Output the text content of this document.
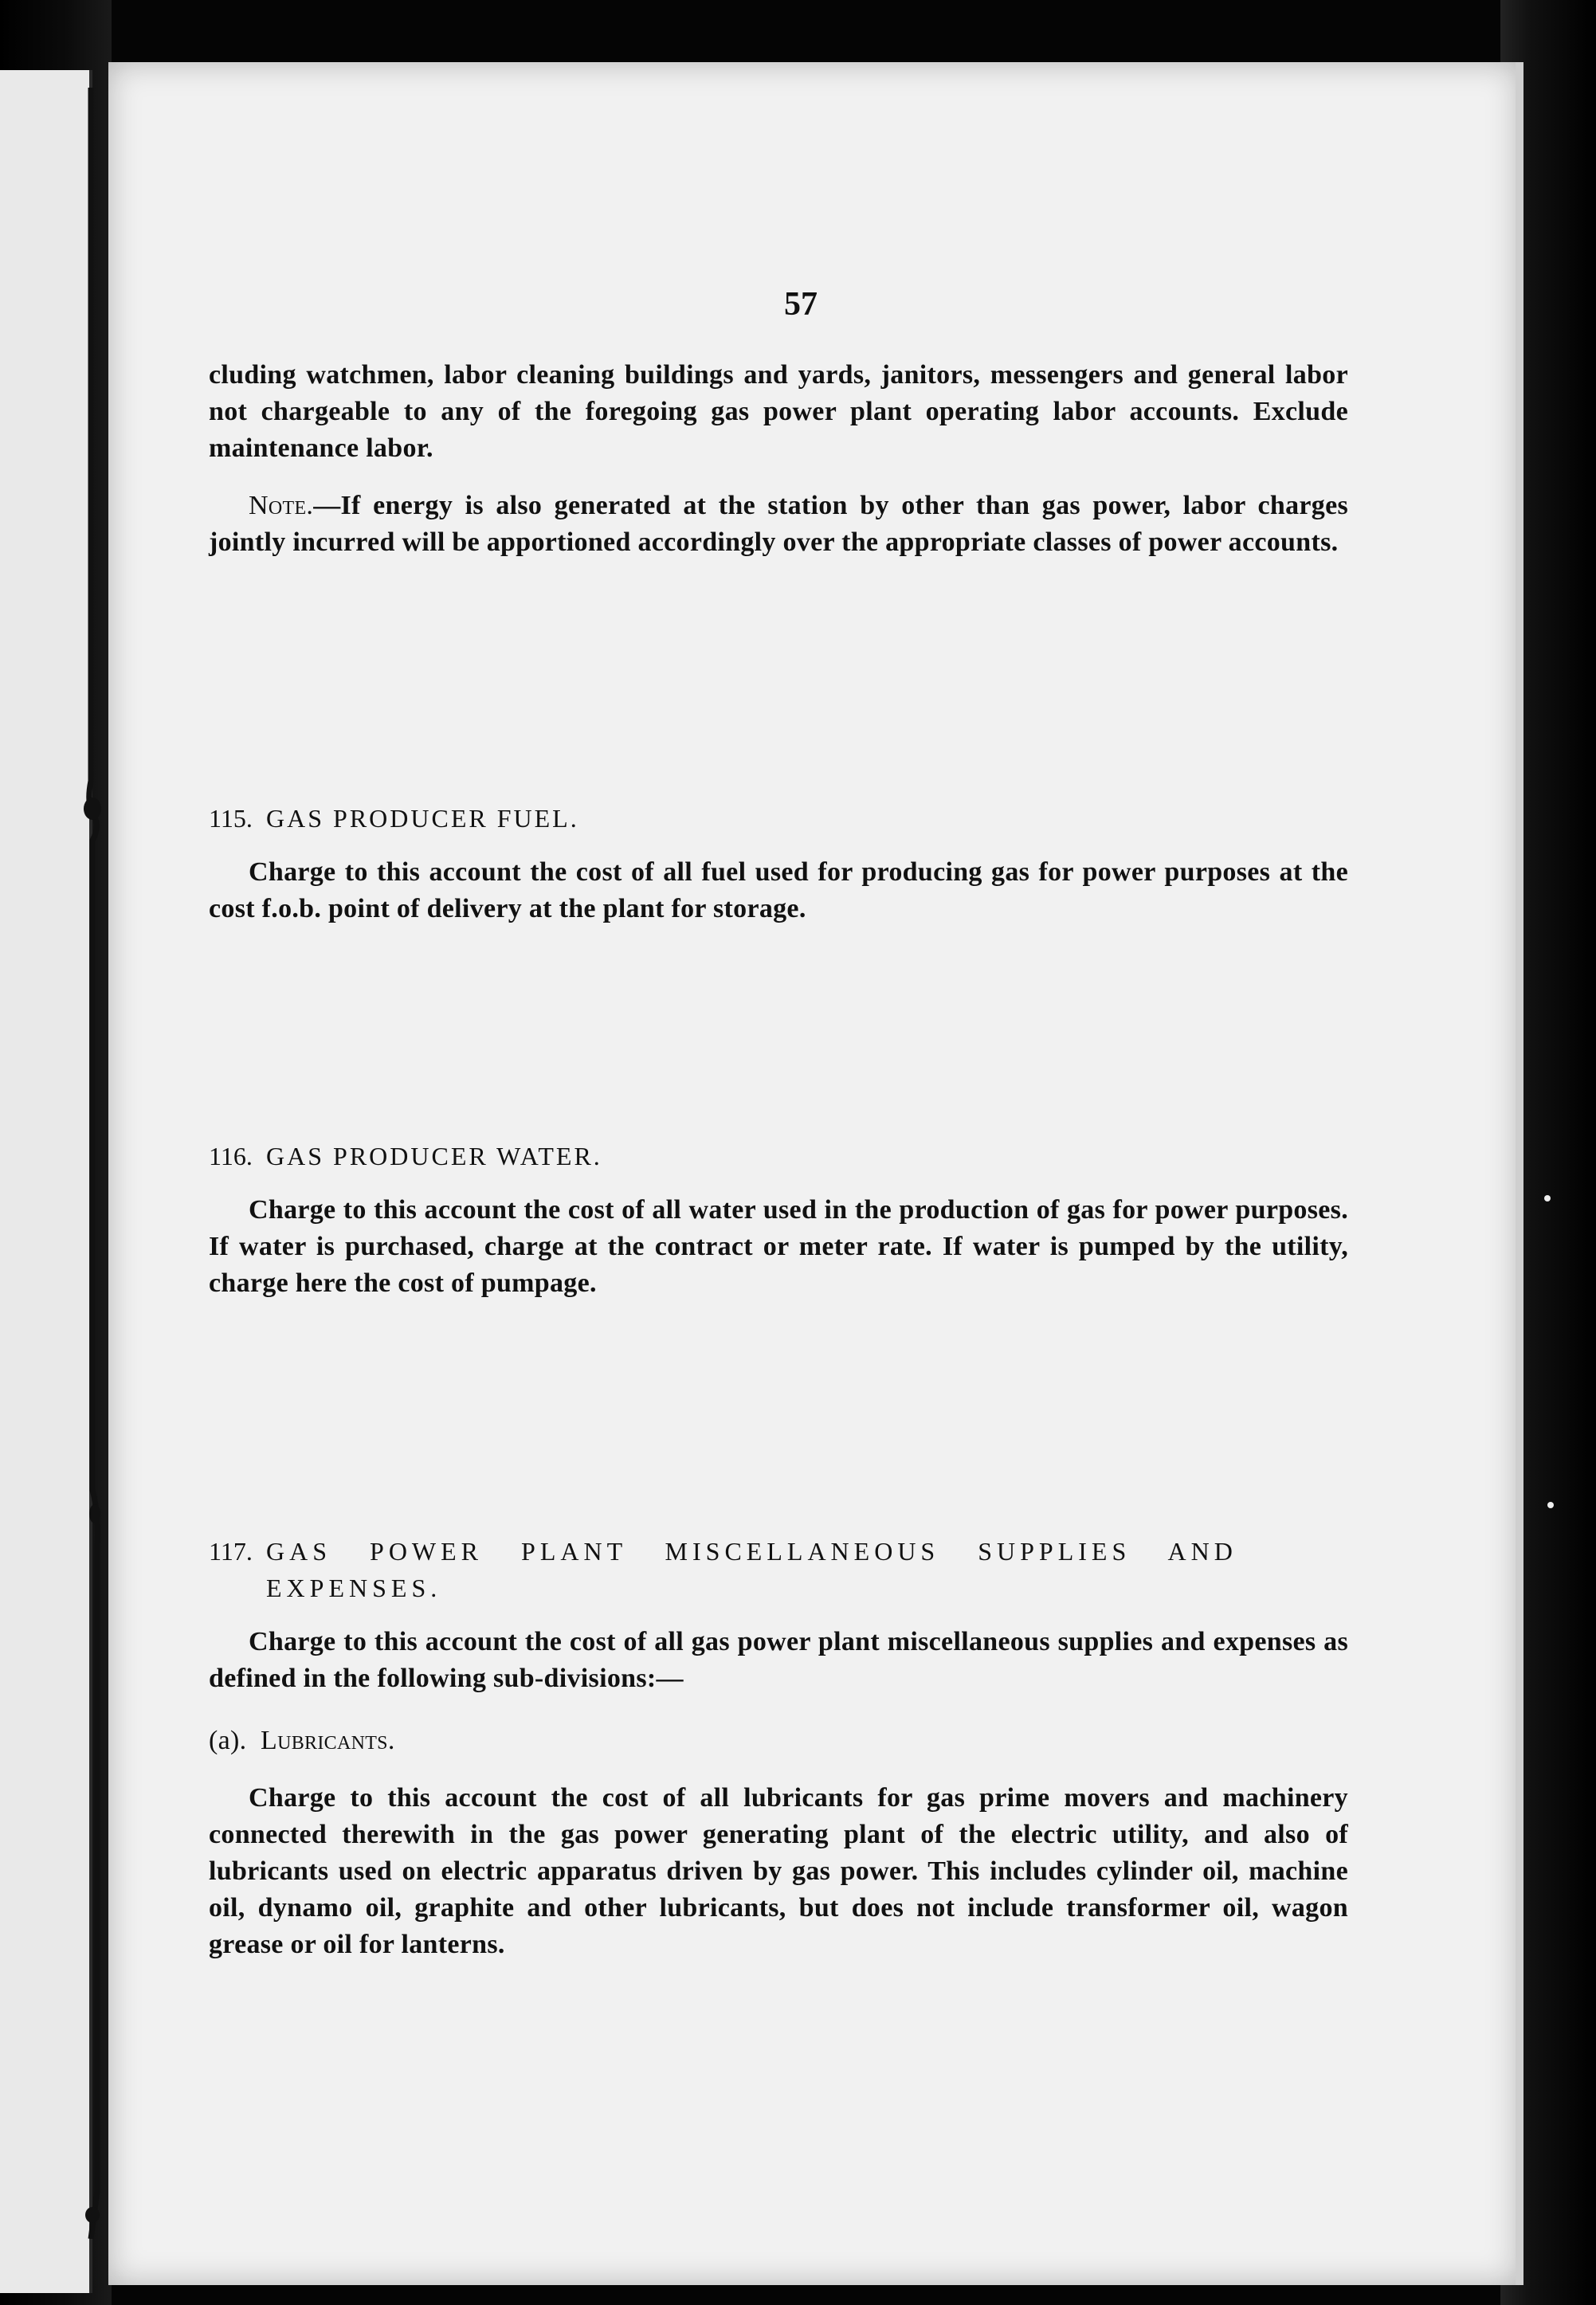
57

cluding watchmen, labor cleaning buildings and yards, janitors, messengers and general labor not chargeable to any of the foregoing gas power plant operating labor accounts. Exclude maintenance labor.

Note.—If energy is also generated at the station by other than gas power, labor charges jointly incurred will be apportioned accordingly over the appropriate classes of power accounts.

115. GAS PRODUCER FUEL.

Charge to this account the cost of all fuel used for producing gas for power purposes at the cost f.o.b. point of delivery at the plant for storage.

116. GAS PRODUCER WATER.

Charge to this account the cost of all water used in the production of gas for power purposes. If water is purchased, charge at the contract or meter rate. If water is pumped by the utility, charge here the cost of pumpage.

117. GAS POWER PLANT MISCELLANEOUS SUPPLIES AND

EXPENSES.

Charge to this account the cost of all gas power plant miscellaneous supplies and expenses as defined in the following sub-divisions:—

(a). Lubricants.

Charge to this account the cost of all lubricants for gas prime movers and machinery connected therewith in the gas power generating plant of the electric utility, and also of lubricants used on electric apparatus driven by gas power. This includes cylinder oil, machine oil, dynamo oil, graphite and other lubricants, but does not include transformer oil, wagon grease or oil for lanterns.
